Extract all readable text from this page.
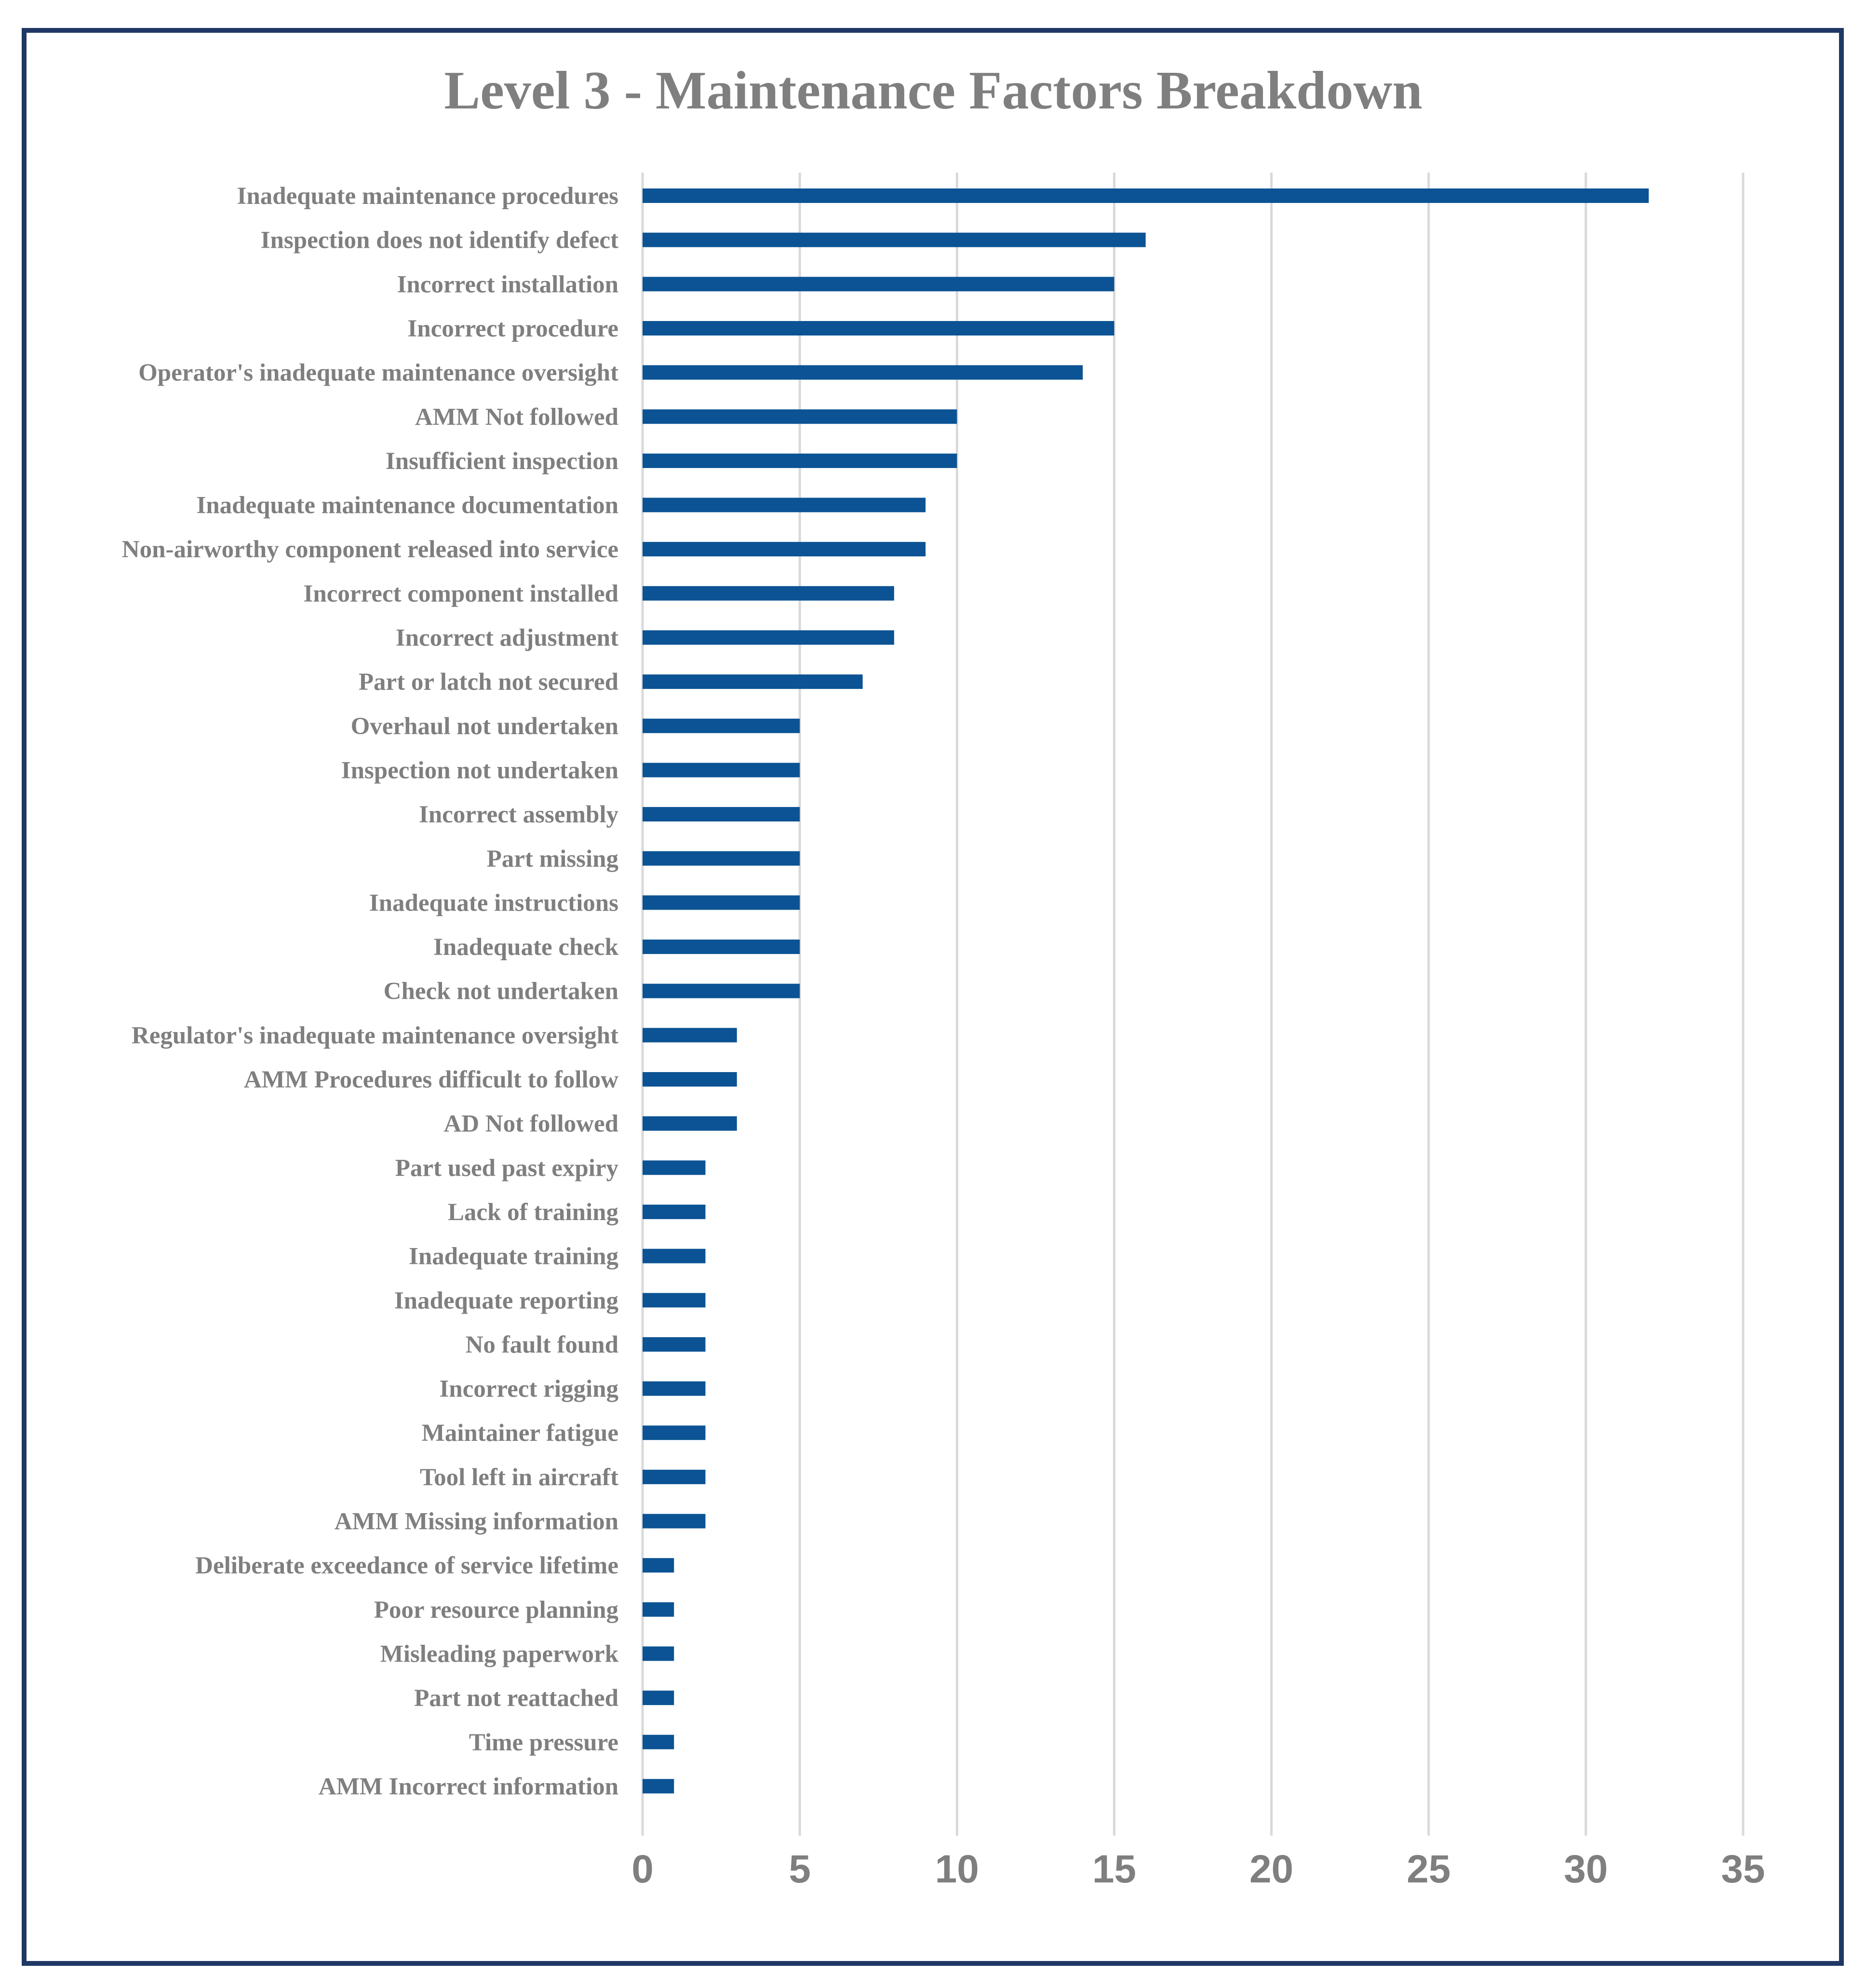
Level 3 - Maintenance Factors Breakdown
Inadequate maintenance procedures
Inspection does not identify defect
Incorrect installation
Incorrect procedure
Operator's inadequate maintenance oversight
AMM Not followed
Insufficient inspection
Inadequate maintenance documentation
Non-airworthy component released into service
Incorrect component installed
Incorrect adjustment
Part or latch not secured
Overhaul not undertaken
Inspection not undertaken
Incorrect assembly
Part missing
Inadequate instructions
Inadequate check
Check not undertaken
Regulator's inadequate maintenance oversight
AMM Procedures difficult to follow
AD Not followed
Part used past expiry
Lack of training
Inadequate training
Inadequate reporting
No fault found
Incorrect rigging
Maintainer fatigue
Tool left in aircraft
AMM Missing information
Deliberate exceedance of service lifetime
Poor resource planning
Misleading paperwork
Part not reattached
Time pressure
AMM Incorrect information
0	5	10	15	20	25	30	35
